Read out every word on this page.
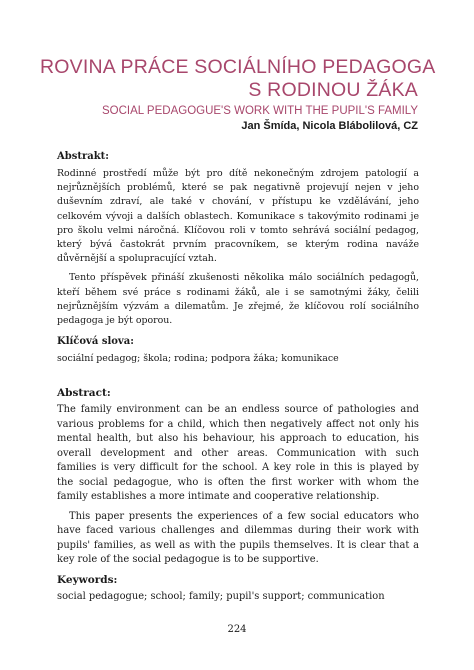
ROVINA PRÁCE SOCIÁLNÍHO PEDAGOGA
S RODINOU ŽÁKA
SOCIAL PEDAGOGUE'S WORK WITH THE PUPIL'S FAMILY
Jan Šmída, Nicola Blábolilová, CZ

Abstrakt:

Rodinné prostředí může být pro dítě nekonečným zdrojem patologií a nejrůznějších problémů, které se pak negativně projevují nejen v jeho duševním zdraví, ale také v chování, v přístupu ke vzdělávání, jeho celkovém vývoji a dalších oblastech. Komunikace s takovýmito rodinami je pro školu velmi náročná. Klíčovou roli v tomto sehrává sociální pedagog, který bývá častokrát prvním pracovníkem, se kterým rodina naváže důvěrnější a spolupracující vztah.

Tento příspěvek přináší zkušenosti několika málo sociálních pedagogů, kteří během své práce s rodinami žáků, ale i se samotnými žáky, čelili nejrůznějším výzvám a dilematům. Je zřejmé, že klíčovou rolí sociálního pedagoga je být oporou.

Klíčová slova:

sociální pedagog; škola; rodina; podpora žáka; komunikace

Abstract:

The family environment can be an endless source of pathologies and various problems for a child, which then negatively affect not only his mental health, but also his behaviour, his approach to education, his overall development and other areas. Communication with such families is very difficult for the school. A key role in this is played by the social pedagogue, who is often the first worker with whom the family establishes a more intimate and cooperative relationship.

This paper presents the experiences of a few social educators who have faced various challenges and dilemmas during their work with pupils' families, as well as with the pupils themselves. It is clear that a key role of the social pedagogue is to be supportive.

Keywords:

social pedagogue; school; family; pupil's support; communication

224
